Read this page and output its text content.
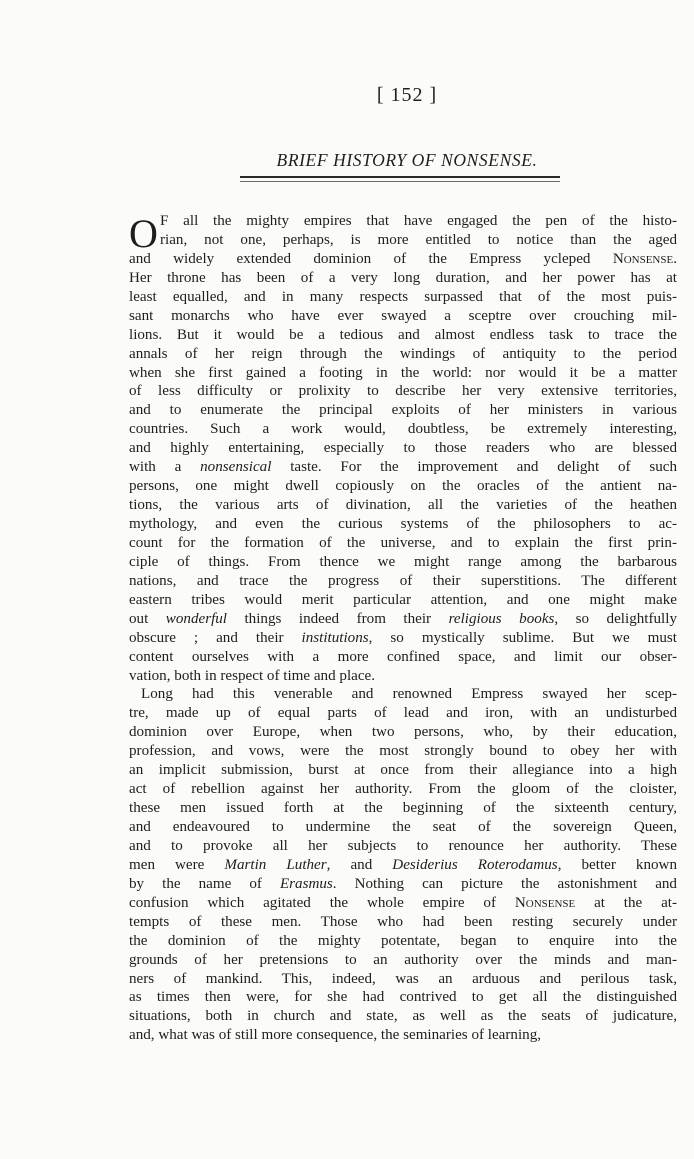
[ 152 ]
BRIEF HISTORY OF NONSENSE.
O F all the mighty empires that have engaged the pen of the histo-
rian, not one, perhaps, is more entitled to notice than the aged
and widely extended dominion of the Empress ycleped Nonsense.
Her throne has been of a very long duration, and her power has at
least equalled, and in many respects surpassed that of the most puis-
sant monarchs who have ever swayed a sceptre over crouching mil-
lions. But it would be a tedious and almost endless task to trace the
annals of her reign through the windings of antiquity to the period
when she first gained a footing in the world: nor would it be a matter
of less difficulty or prolixity to describe her very extensive territories,
and to enumerate the principal exploits of her ministers in various
countries. Such a work would, doubtless, be extremely interesting,
and highly entertaining, especially to those readers who are blessed
with a nonsensical taste. For the improvement and delight of such
persons, one might dwell copiously on the oracles of the antient na-
tions, the various arts of divination, all the varieties of the heathen
mythology, and even the curious systems of the philosophers to ac-
count for the formation of the universe, and to explain the first prin-
ciple of things. From thence we might range among the barbarous
nations, and trace the progress of their superstitions. The different
eastern tribes would merit particular attention, and one might make
out wonderful things indeed from their religious books, so delightfully
obscure ; and their institutions, so mystically sublime. But we must
content ourselves with a more confined space, and limit our obser-
vation, both in respect of time and place.
Long had this venerable and renowned Empress swayed her scep-
tre, made up of equal parts of lead and iron, with an undisturbed
dominion over Europe, when two persons, who, by their education,
profession, and vows, were the most strongly bound to obey her with
an implicit submission, burst at once from their allegiance into a high
act of rebellion against her authority. From the gloom of the cloister,
these men issued forth at the beginning of the sixteenth century,
and endeavoured to undermine the seat of the sovereign Queen,
and to provoke all her subjects to renounce her authority. These
men were Martin Luther, and Desiderius Roterodamus, better known
by the name of Erasmus. Nothing can picture the astonishment and
confusion which agitated the whole empire of Nonsense at the at-
tempts of these men. Those who had been resting securely under
the dominion of the mighty potentate, began to enquire into the
grounds of her pretensions to an authority over the minds and man-
ners of mankind. This, indeed, was an arduous and perilous task,
as times then were, for she had contrived to get all the distinguished
situations, both in church and state, as well as the seats of judicature,
and, what was of still more consequence, the seminaries of learning,
